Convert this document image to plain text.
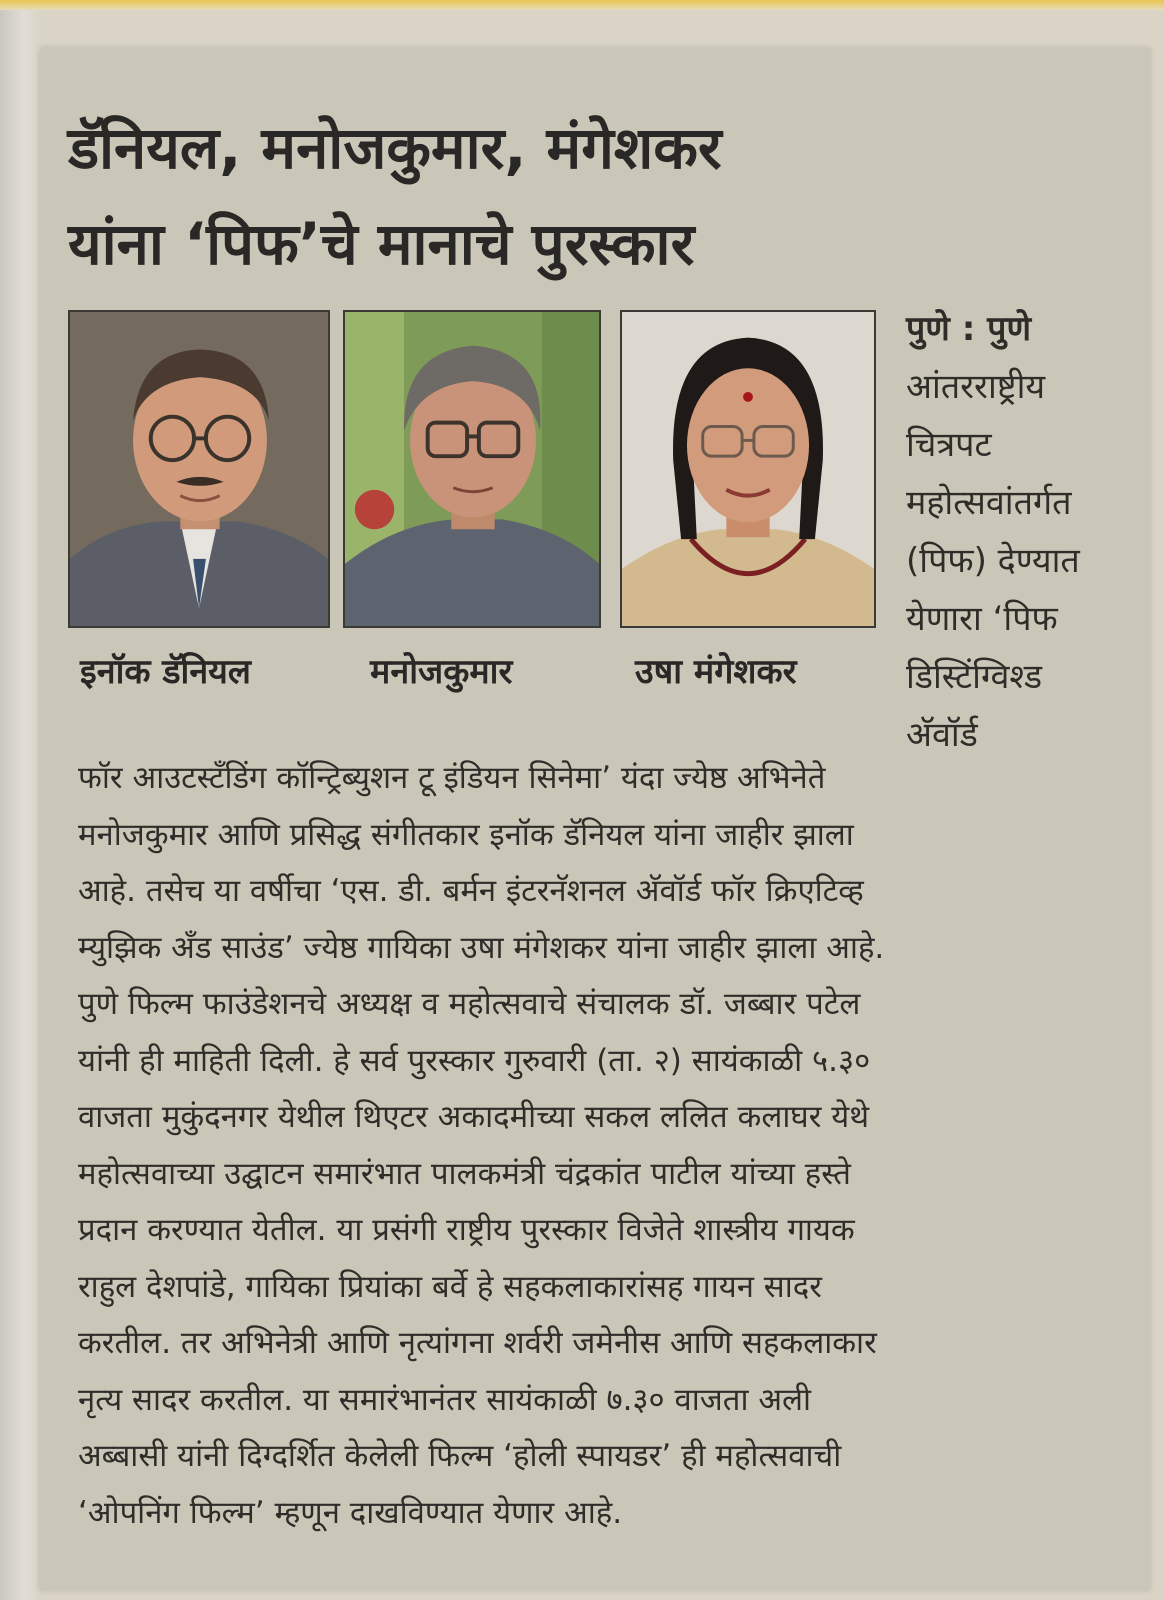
डॅनियल, मनोजकुमार, मंगेशकर
यांना ‘पिफ’चे मानाचे पुरस्कार
इनॉक डॅनियल	मनोजकुमार	उषा मंगेशकर
पुणे : पुणे
आंतरराष्ट्रीय
चित्रपट
महोत्सवांतर्गत
(पिफ) देण्यात
येणारा ‘पिफ
डिस्टिंग्विश्ड
अ‍ॅवॉर्ड
फॉर आउटस्टँडिंग कॉन्ट्रिब्युशन टू इंडियन सिनेमा’ यंदा ज्येष्ठ अभिनेते
मनोजकुमार आणि प्रसिद्ध संगीतकार इनॉक डॅनियल यांना जाहीर झाला
आहे. तसेच या वर्षीचा ‘एस. डी. बर्मन इंटरनॅशनल अ‍ॅवॉर्ड फॉर क्रिएटिव्ह
म्युझिक अँड साउंड’ ज्येष्ठ गायिका उषा मंगेशकर यांना जाहीर झाला आहे.
पुणे फिल्म फाउंडेशनचे अध्यक्ष व महोत्सवाचे संचालक डॉ. जब्बार पटेल
यांनी ही माहिती दिली. हे सर्व पुरस्कार गुरुवारी (ता. २) सायंकाळी ५.३०
वाजता मुकुंदनगर येथील थिएटर अकादमीच्या सकल ललित कलाघर येथे
महोत्सवाच्या उद्घाटन समारंभात पालकमंत्री चंद्रकांत पाटील यांच्या हस्ते
प्रदान करण्यात येतील. या प्रसंगी राष्ट्रीय पुरस्कार विजेते शास्त्रीय गायक
राहुल देशपांडे, गायिका प्रियांका बर्वे हे सहकलाकारांसह गायन सादर
करतील. तर अभिनेत्री आणि नृत्यांगना शर्वरी जमेनीस आणि सहकलाकार
नृत्य सादर करतील. या समारंभानंतर सायंकाळी ७.३० वाजता अली
अब्बासी यांनी दिग्दर्शित केलेली फिल्म ‘होली स्पायडर’ ही महोत्सवाची
‘ओपनिंग फिल्म’ म्हणून दाखविण्यात येणार आहे.
